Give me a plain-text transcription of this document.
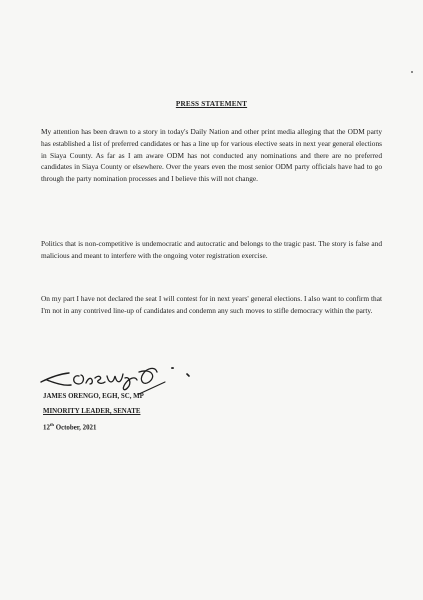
PRESS STATEMENT

My attention has been drawn to a story in today's Daily Nation and other print media alleging that the ODM party has established a list of preferred candidates or has a line up for various elective seats in next year general elections in Siaya County. As far as I am aware ODM has not conducted any nominations and there are no preferred candidates in Siaya County or elsewhere. Over the years even the most senior ODM party officials have had to go through the party nomination processes and I believe this will not change.

Politics that is non-competitive is undemocratic and autocratic and belongs to the tragic past. The story is false and malicious and meant to interfere with the ongoing voter registration exercise.

On my part I have not declared the seat I will contest for in next years' general elections. I also want to confirm that I'm not in any contrived line-up of candidates and condemn any such moves to stifle democracy within the party.

JAMES ORENGO, EGH, SC, MP
MINORITY LEADER, SENATE
12th October, 2021
